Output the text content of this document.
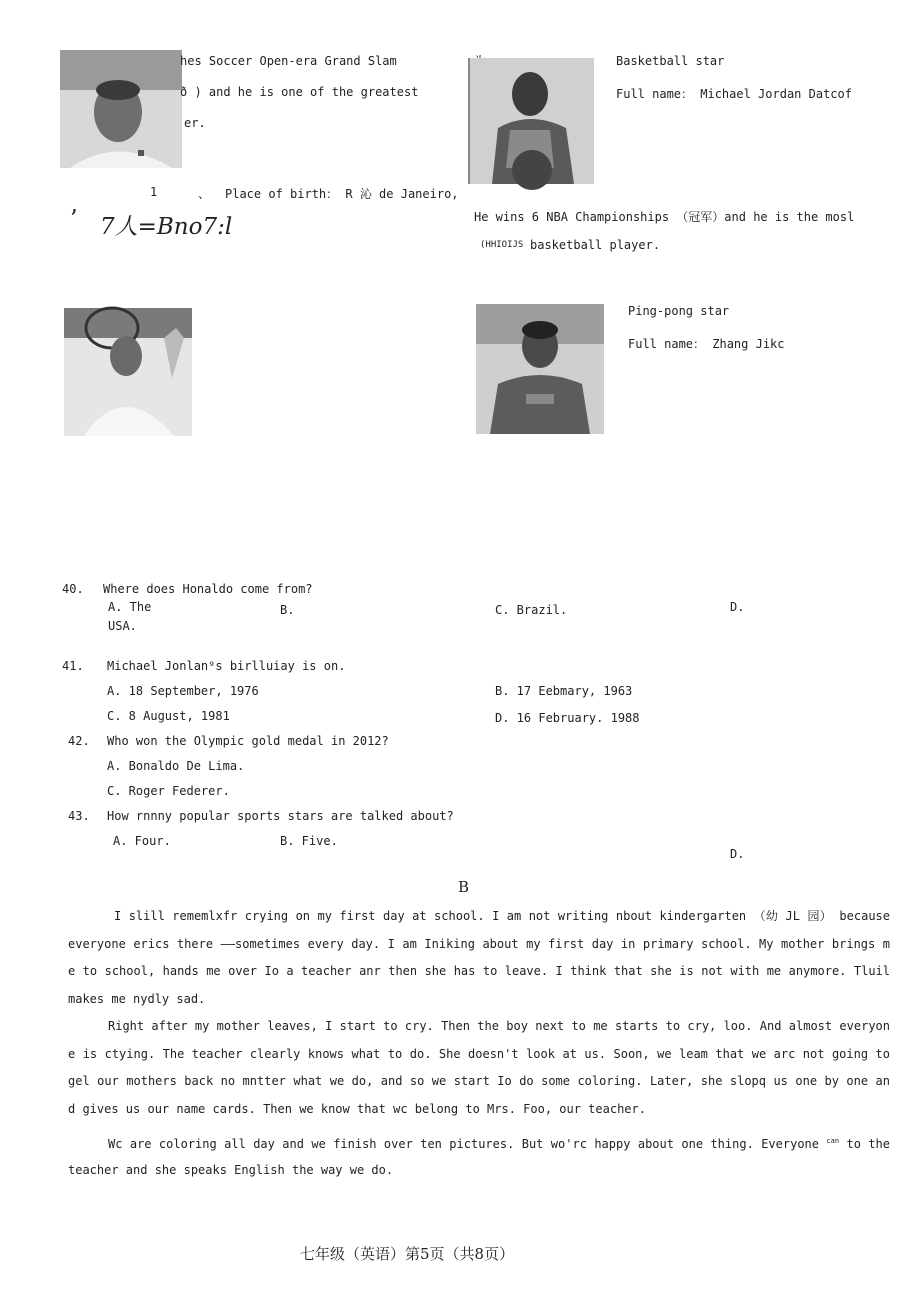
hes Soccer Open-era Grand Slam
ð ) and he is one of the greatest
er.
1	、 Place of birth： R 沁 de Janeiro,
’ 7人=Bno7:l
Basketball star
Full name： Michael Jordan Datcof
He wins 6 NBA Championships （冠军）and he is the mosl
(HHIOIJS basketball player.
Ping-pong star
Full name： Zhang Jikc
40. Where does Honaldo come from?
A. The
USA.
B.	C. Brazil.	D.
41. Michael Jonlan⁹s birlluiay is on.
A. 18 September, 1976	B. 17 Eebmary, 1963
C. 8 August, 1981	D. 16 February. 1988
42. Who won the Olympic gold medal in 2012?
A. Bonaldo De Lima.
C. Roger Federer.
43. How rnnny popular sports stars are talked about?
A. Four.	B. Five.
D.
B
I slill rememlxfr crying on my first day at school. I am not writing nbout kindergarten （幼 JL 园） because everyone erics there ——sometimes every day. I am Iniking about my first day in primary school. My mother brings me to school, hands me over Io a teacher anr then she has to leave. I think that she is not with me anymore. Tluil makes me nydly sad.
Right after my mother leaves, I start to cry. Then the boy next to me starts to cry, loo. And almost everyone is ctying. The teacher clearly knows what to do. She doesn't look at us. Soon, we leam that we arc not going to gel our mothers back no mntter what we do, and so we start Io do some coloring. Later, she slopq us one by one and gives us our name cards. Then we know that wc belong to Mrs. Foo, our teacher.
Wc are coloring all day and we finish over ten pictures. But wo'rc happy about one thing. Everyone $^{can}$ to the teacher and she speaks English the way we do.
七年级（英语）第5页（共8页）
